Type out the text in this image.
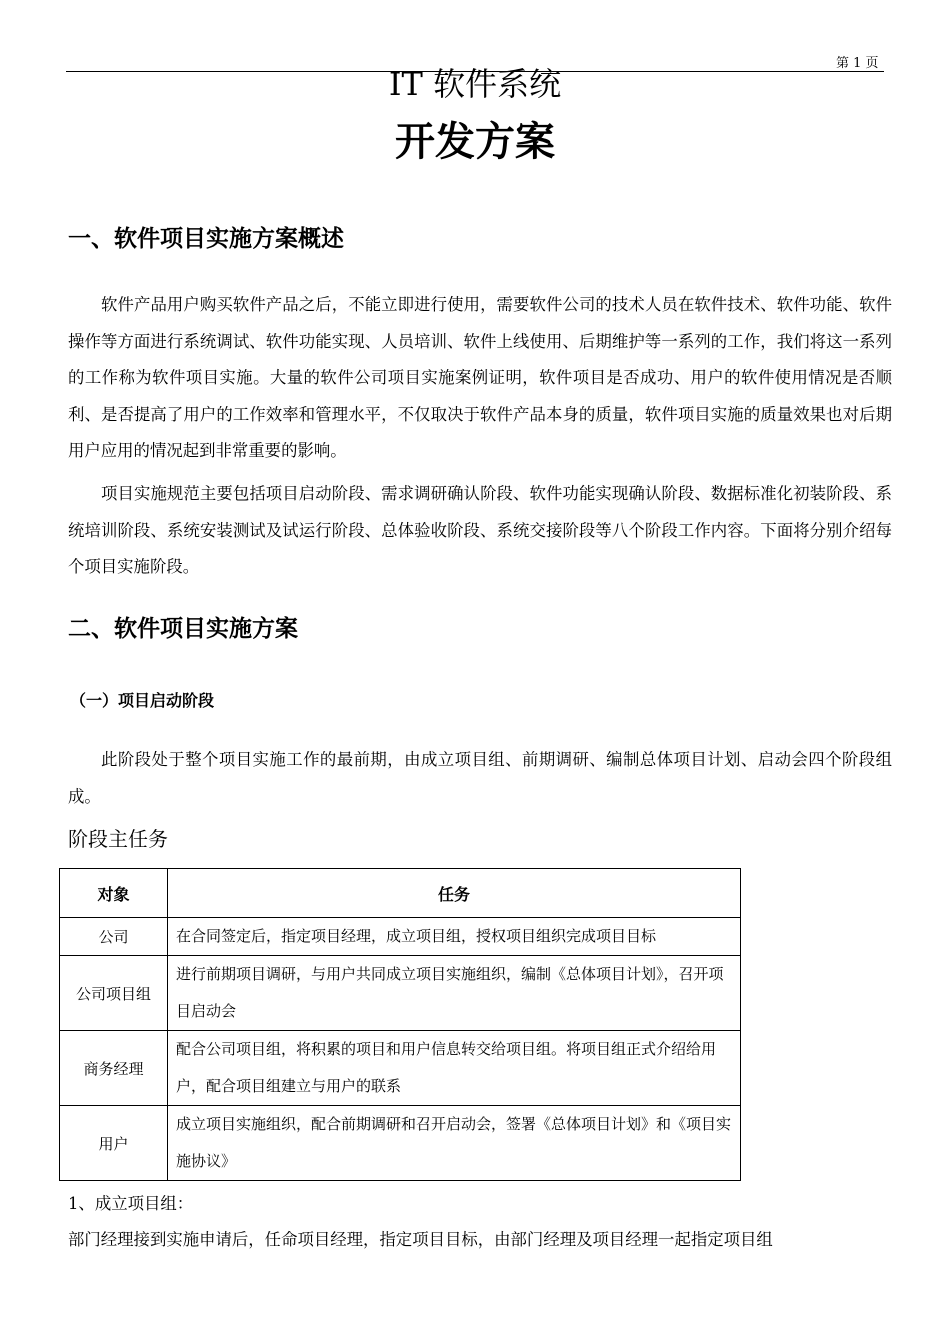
第 1 页
IT 软件系统
开发方案
一、软件项目实施方案概述
软件产品用户购买软件产品之后，不能立即进行使用，需要软件公司的技术人员在软件技术、软件功能、软件操作等方面进行系统调试、软件功能实现、人员培训、软件上线使用、后期维护等一系列的工作，我们将这一系列的工作称为软件项目实施。大量的软件公司项目实施案例证明，软件项目是否成功、用户的软件使用情况是否顺利、是否提高了用户的工作效率和管理水平，不仅取决于软件产品本身的质量，软件项目实施的质量效果也对后期用户应用的情况起到非常重要的影响。
项目实施规范主要包括项目启动阶段、需求调研确认阶段、软件功能实现确认阶段、数据标准化初装阶段、系统培训阶段、系统安装测试及试运行阶段、总体验收阶段、系统交接阶段等八个阶段工作内容。下面将分别介绍每个项目实施阶段。
二、软件项目实施方案
（一）项目启动阶段
此阶段处于整个项目实施工作的最前期，由成立项目组、前期调研、编制总体项目计划、启动会四个阶段组成。
阶段主任务
对象	任务
公司	在合同签定后，指定项目经理，成立项目组，授权项目组织完成项目目标
公司项目组	进行前期项目调研，与用户共同成立项目实施组织，编制《总体项目计划》，召开项目启动会
商务经理	配合公司项目组，将积累的项目和用户信息转交给项目组。将项目组正式介绍给用户，配合项目组建立与用户的联系
用户	成立项目实施组织，配合前期调研和召开启动会，签署《总体项目计划》和《项目实施协议》
1、成立项目组：
部门经理接到实施申请后，任命项目经理，指定项目目标，由部门经理及项目经理一起指定项目组
